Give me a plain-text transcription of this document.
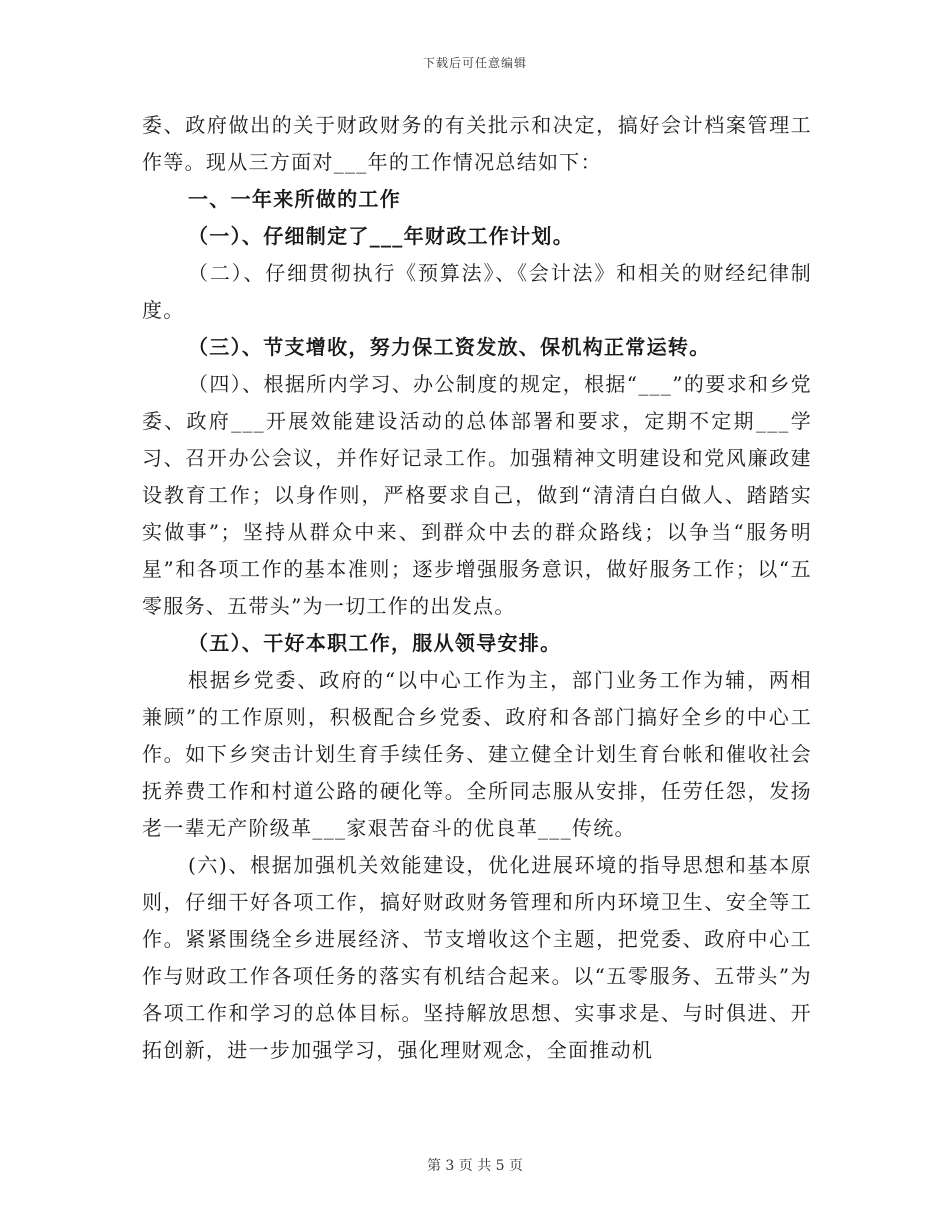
下载后可任意编辑

委、政府做出的关于财政财务的有关批示和决定，搞好会计档案管理工作等。现从三方面对___年的工作情况总结如下：

一、一年来所做的工作

（一）、仔细制定了___年财政工作计划。

（二）、仔细贯彻执行《预算法》、《会计法》和相关的财经纪律制度。

（三）、节支增收，努力保工资发放、保机构正常运转。

（四）、根据所内学习、办公制度的规定，根据“___”的要求和乡党委、政府___开展效能建设活动的总体部署和要求，定期不定期___学习、召开办公会议，并作好记录工作。加强精神文明建设和党风廉政建设教育工作；以身作则，严格要求自己，做到“清清白白做人、踏踏实实做事”；坚持从群众中来、到群众中去的群众路线；以争当“服务明星”和各项工作的基本准则；逐步增强服务意识，做好服务工作；以“五零服务、五带头”为一切工作的出发点。

（五）、干好本职工作，服从领导安排。

根据乡党委、政府的“以中心工作为主，部门业务工作为辅，两相兼顾”的工作原则，积极配合乡党委、政府和各部门搞好全乡的中心工作。如下乡突击计划生育手续任务、建立健全计划生育台帐和催收社会抚养费工作和村道公路的硬化等。全所同志服从安排，任劳任怨，发扬老一辈无产阶级革___家艰苦奋斗的优良革___传统。

(六)、根据加强机关效能建设，优化进展环境的指导思想和基本原则，仔细干好各项工作，搞好财政财务管理和所内环境卫生、安全等工作。紧紧围绕全乡进展经济、节支增收这个主题，把党委、政府中心工作与财政工作各项任务的落实有机结合起来。以“五零服务、五带头”为各项工作和学习的总体目标。坚持解放思想、实事求是、与时俱进、开拓创新，进一步加强学习，强化理财观念，全面推动机

第 3 页 共 5 页
